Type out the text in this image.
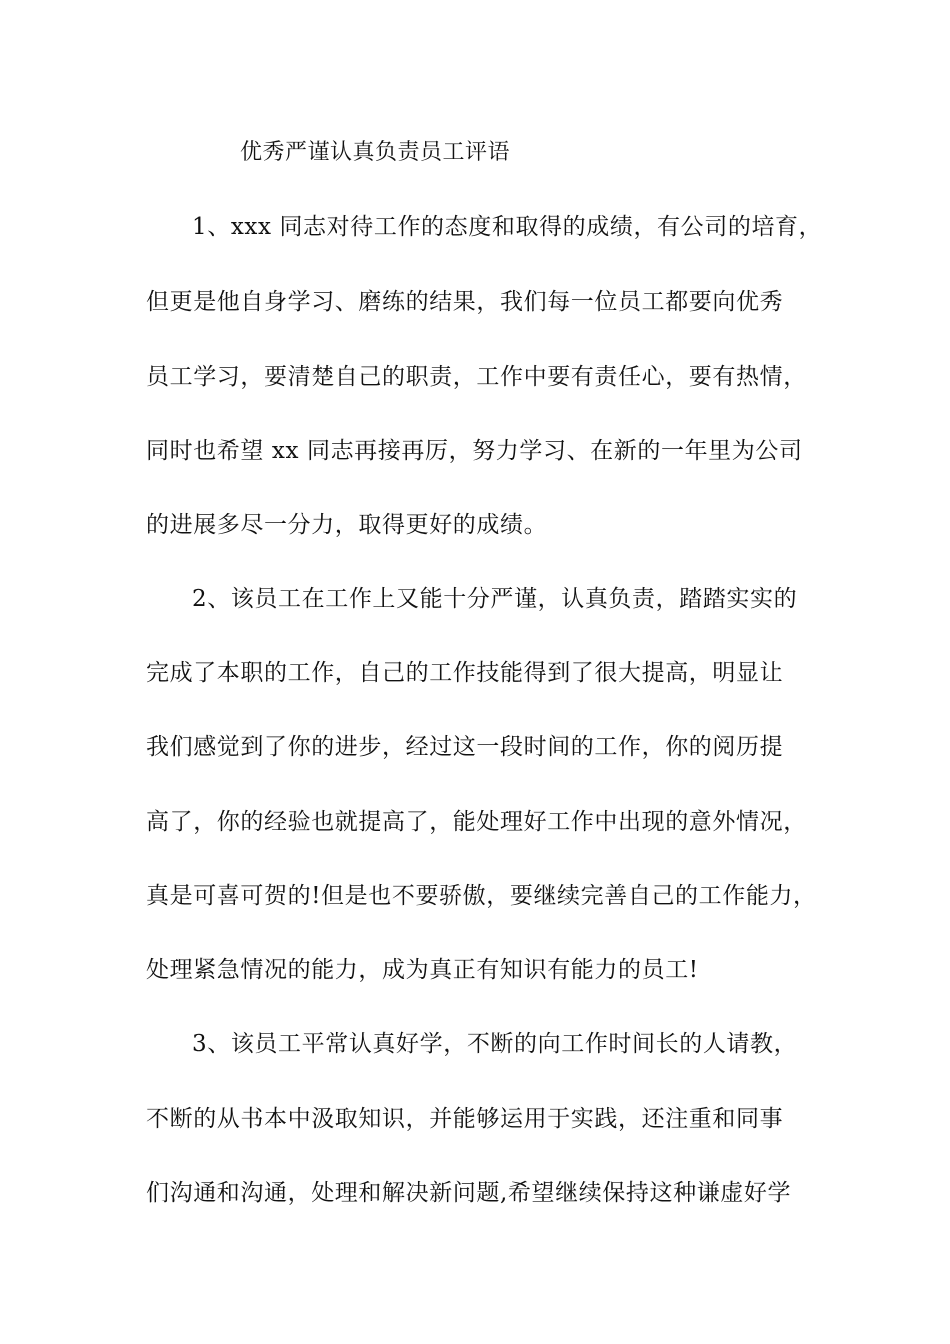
优秀严谨认真负责员工评语
1、xxx 同志对待工作的态度和取得的成绩，有公司的培育，
但更是他自身学习、磨练的结果，我们每一位员工都要向优秀
员工学习，要清楚自己的职责，工作中要有责任心，要有热情，
同时也希望 xx 同志再接再厉，努力学习、在新的一年里为公司
的进展多尽一分力，取得更好的成绩。
2、该员工在工作上又能十分严谨，认真负责，踏踏实实的
完成了本职的工作，自己的工作技能得到了很大提高，明显让
我们感觉到了你的进步，经过这一段时间的工作，你的阅历提
高了，你的经验也就提高了，能处理好工作中出现的意外情况，
真是可喜可贺的!但是也不要骄傲，要继续完善自己的工作能力，
处理紧急情况的能力，成为真正有知识有能力的员工!
3、该员工平常认真好学，不断的向工作时间长的人请教，
不断的从书本中汲取知识，并能够运用于实践，还注重和同事
们沟通和沟通，处理和解决新问题,希望继续保持这种谦虚好学
